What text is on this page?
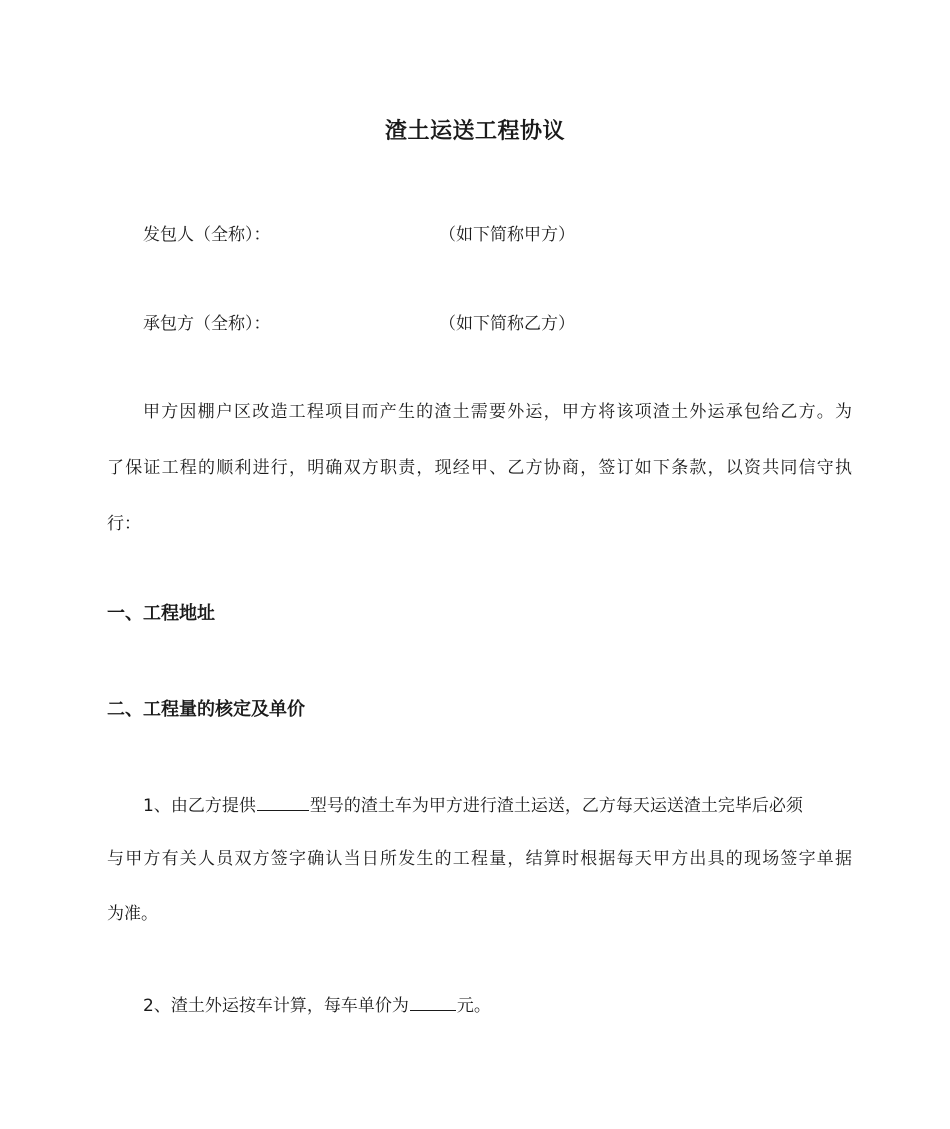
渣土运送工程协议
发包人（全称）：	（如下简称甲方）
承包方（全称）：	（如下简称乙方）
甲方因棚户区改造工程项目而产生的渣土需要外运，甲方将该项渣土外运承包给乙方。为
了保证工程的顺利进行，明确双方职责，现经甲、乙方协商，签订如下条款，以资共同信守执
行：
一、工程地址
二、工程量的核定及单价
1、由乙方提供	型号的渣土车为甲方进行渣土运送，乙方每天运送渣土完毕后必须
与甲方有关人员双方签字确认当日所发生的工程量，结算时根据每天甲方出具的现场签字单据
为准。
2、渣土外运按车计算，每车单价为	元。
